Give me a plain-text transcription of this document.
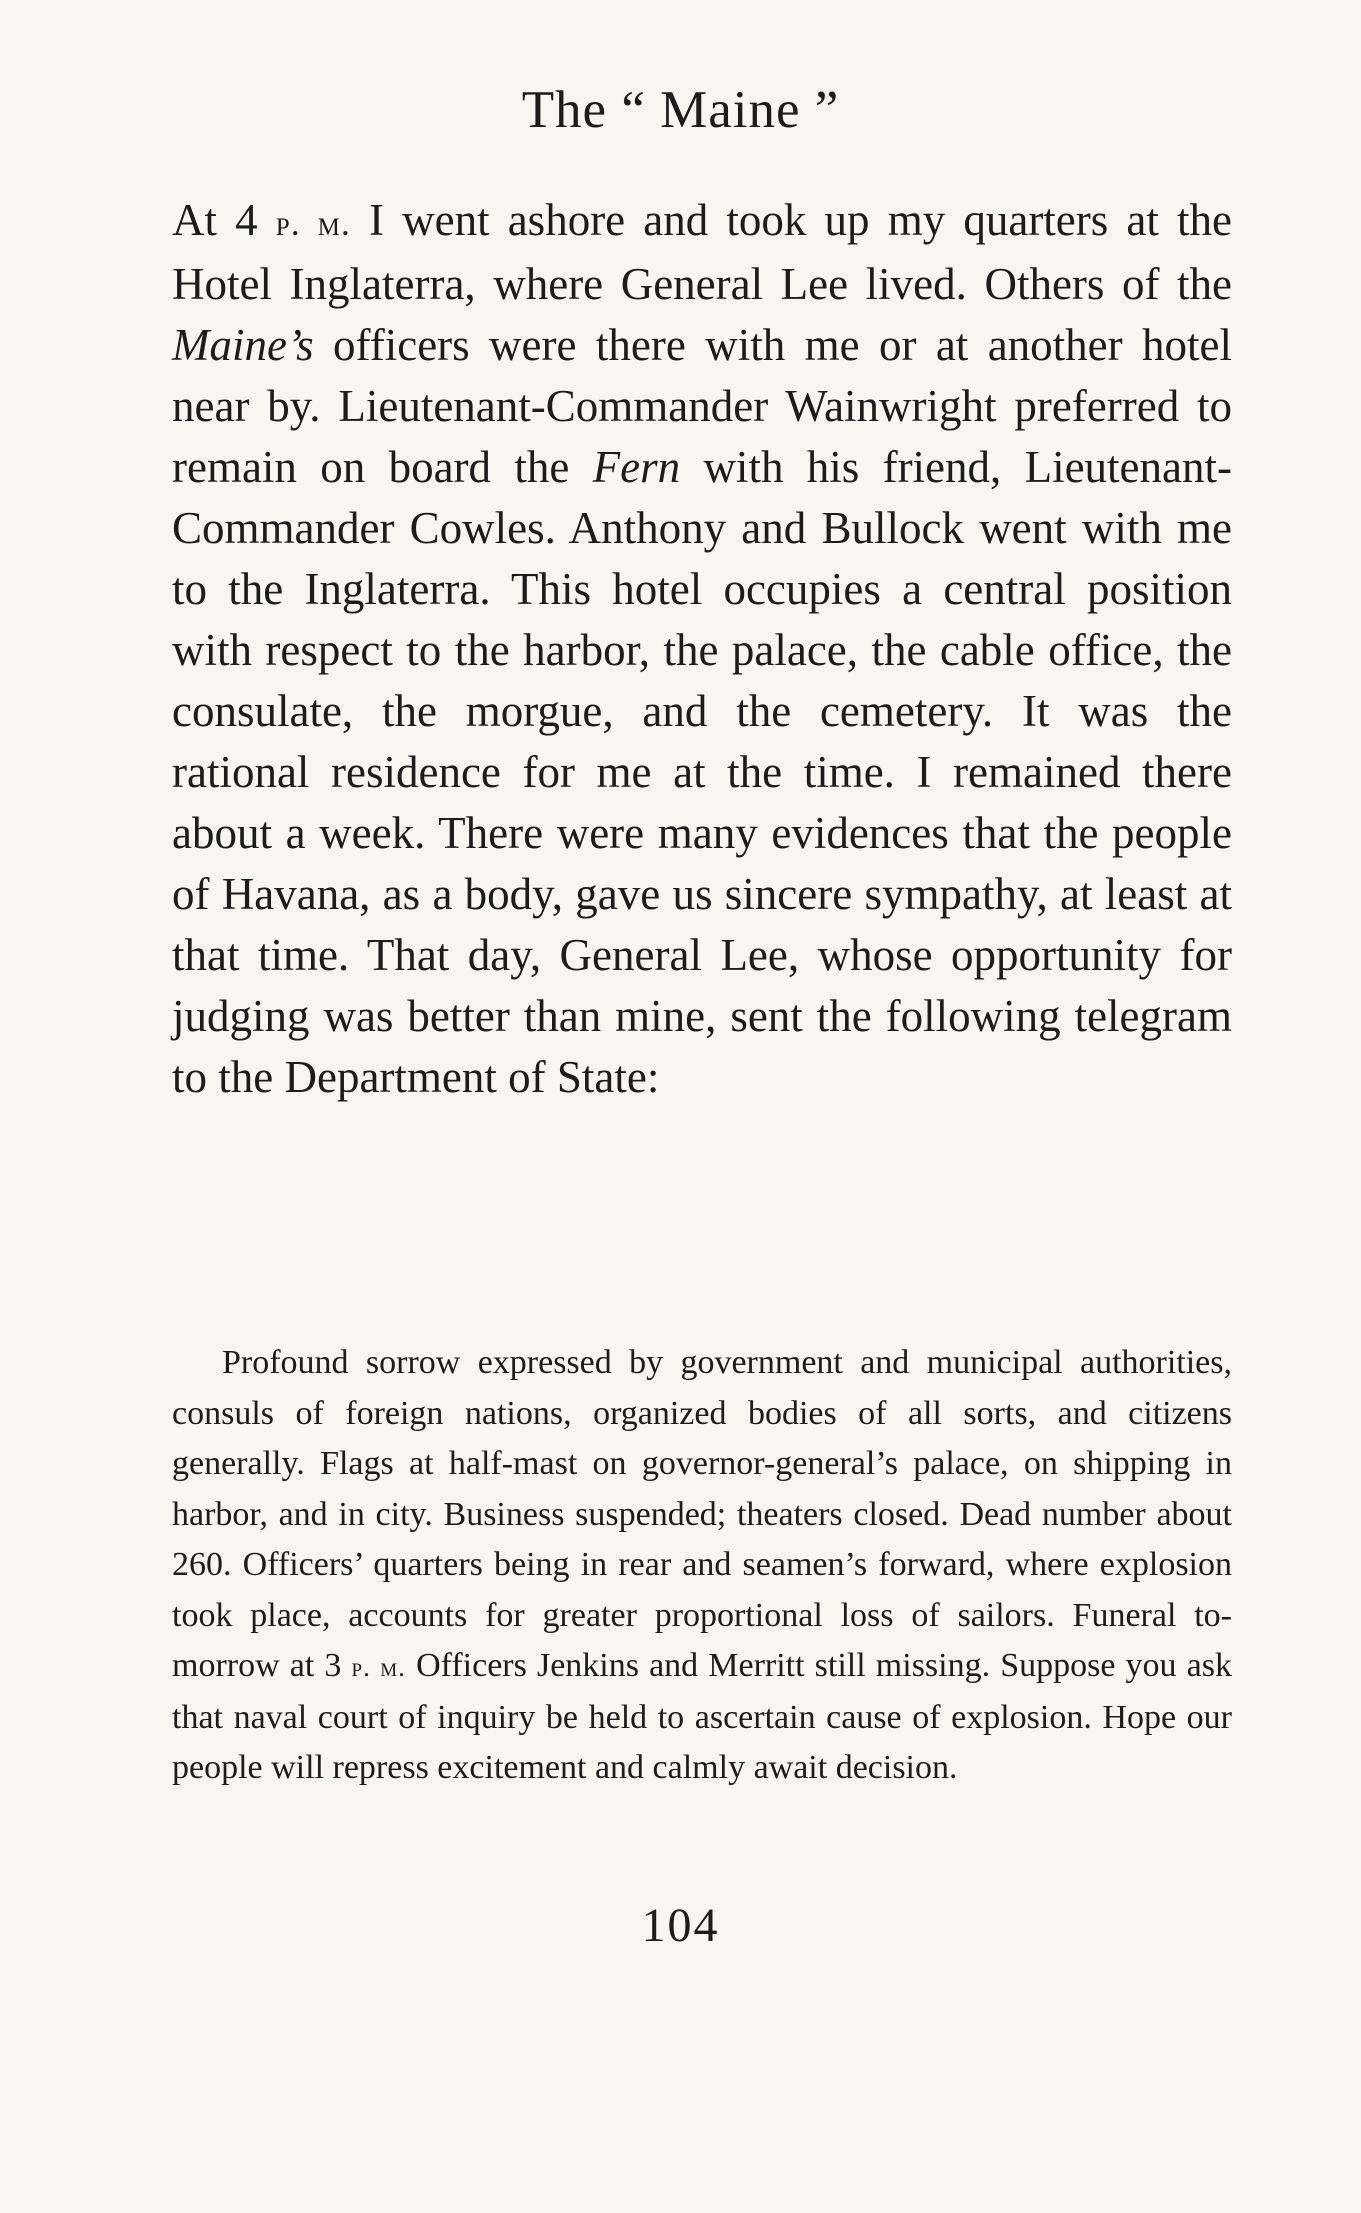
The “ Maine ”

At 4 p. m. I went ashore and took up my quarters at the Hotel Inglaterra, where General Lee lived. Others of the Maine’s officers were there with me or at another hotel near by. Lieutenant-Commander Wainwright preferred to remain on board the Fern with his friend, Lieutenant-Commander Cowles. Anthony and Bullock went with me to the Inglaterra. This hotel occupies a central position with respect to the harbor, the palace, the cable office, the consulate, the morgue, and the cemetery. It was the rational residence for me at the time. I remained there about a week. There were many evidences that the people of Havana, as a body, gave us sincere sympathy, at least at that time. That day, General Lee, whose opportunity for judging was better than mine, sent the following telegram to the Department of State:

Profound sorrow expressed by government and municipal authorities, consuls of foreign nations, organized bodies of all sorts, and citizens generally. Flags at half-mast on governor-general’s palace, on shipping in harbor, and in city. Business suspended; theaters closed. Dead number about 260. Officers’ quarters being in rear and seamen’s forward, where explosion took place, accounts for greater proportional loss of sailors. Funeral to-morrow at 3 p. m. Officers Jenkins and Merritt still missing. Suppose you ask that naval court of inquiry be held to ascertain cause of explosion. Hope our people will repress excitement and calmly await decision.

104
